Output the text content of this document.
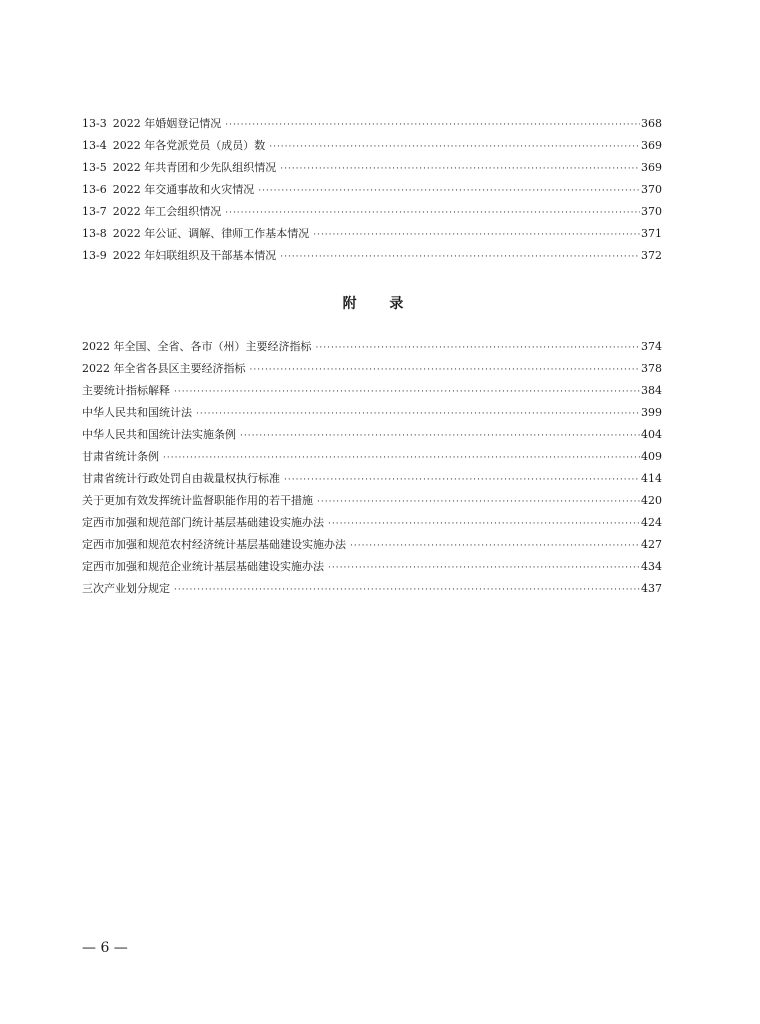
13-3 2022 年婚姻登记情况 ·····	368
13-4 2022 年各党派党员（成员）数 ·····	369
13-5 2022 年共青团和少先队组织情况 ·····	369
13-6 2022 年交通事故和火灾情况 ·····	370
13-7 2022 年工会组织情况 ·····	370
13-8 2022 年公证、调解、律师工作基本情况 ·····	371
13-9 2022 年妇联组织及干部基本情况 ·····	372
附 录
2022 年全国、全省、各市（州）主要经济指标 ·····	374
2022 年全省各县区主要经济指标 ·····	378
主要统计指标解释 ·····	384
中华人民共和国统计法 ·····	399
中华人民共和国统计法实施条例 ·····	404
甘肃省统计条例 ·····	409
甘肃省统计行政处罚自由裁量权执行标准 ·····	414
关于更加有效发挥统计监督职能作用的若干措施 ·····	420
定西市加强和规范部门统计基层基础建设实施办法 ·····	424
定西市加强和规范农村经济统计基层基础建设实施办法 ·····	427
定西市加强和规范企业统计基层基础建设实施办法 ·····	434
三次产业划分规定 ·····	437
— 6 —
